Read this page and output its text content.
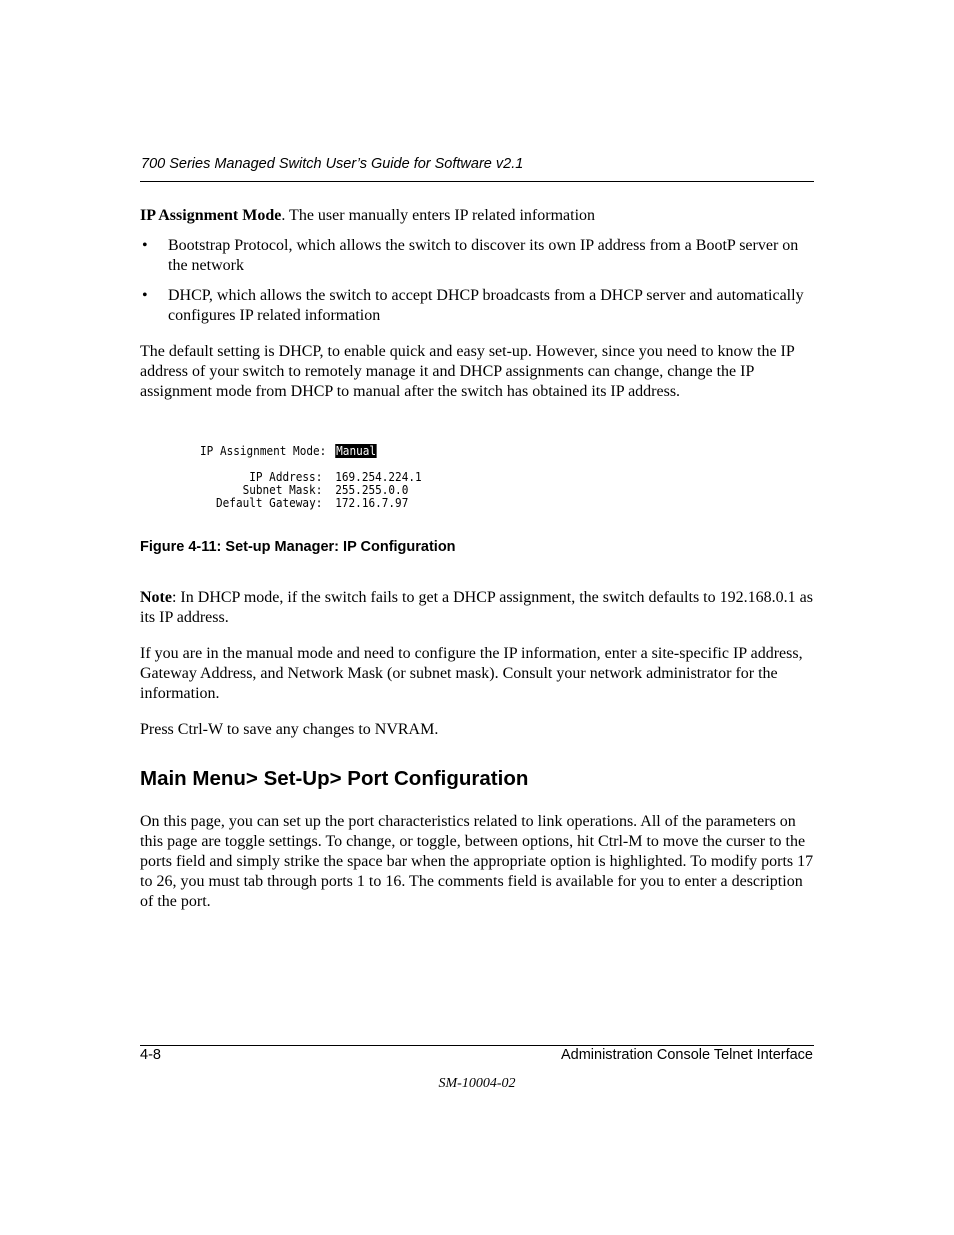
700 Series Managed Switch User’s Guide for Software v2.1
IP Assignment Mode. The user manually enters IP related information
• Bootstrap Protocol, which allows the switch to discover its own IP address from a BootP server on the network
• DHCP, which allows the switch to accept DHCP broadcasts from a DHCP server and automatically configures IP related information
The default setting is DHCP, to enable quick and easy set-up. However, since you need to know the IP address of your switch to remotely manage it and DHCP assignments can change, change the IP assignment mode from DHCP to manual after the switch has obtained its IP address.
IP Assignment Mode: Manual
IP Address: 169.254.224.1
Subnet Mask: 255.255.0.0
Default Gateway: 172.16.7.97
Figure 4-11: Set-up Manager: IP Configuration
Note: In DHCP mode, if the switch fails to get a DHCP assignment, the switch defaults to 192.168.0.1 as its IP address.
If you are in the manual mode and need to configure the IP information, enter a site-specific IP address, Gateway Address, and Network Mask (or subnet mask). Consult your network administrator for the information.
Press Ctrl-W to save any changes to NVRAM.
Main Menu> Set-Up> Port Configuration
On this page, you can set up the port characteristics related to link operations. All of the parameters on this page are toggle settings. To change, or toggle, between options, hit Ctrl-M to move the curser to the ports field and simply strike the space bar when the appropriate option is highlighted. To modify ports 17 to 26, you must tab through ports 1 to 16. The comments field is available for you to enter a description of the port.
4-8	Administration Console Telnet Interface
SM-10004-02
